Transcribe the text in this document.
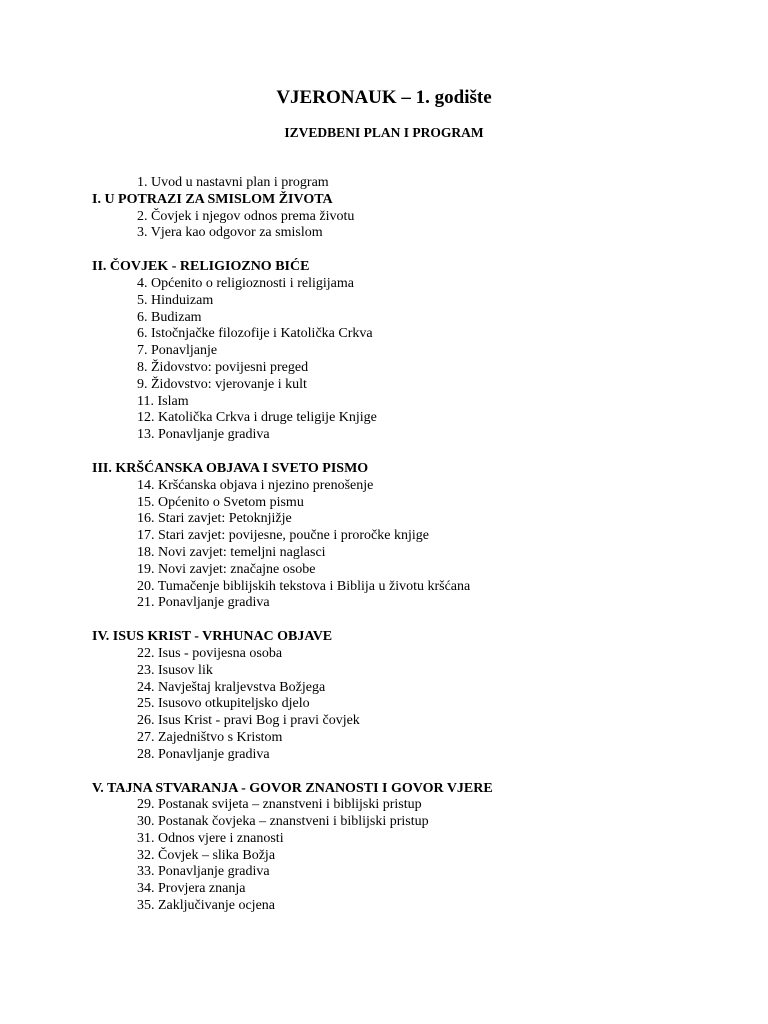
VJERONAUK – 1. godište
IZVEDBENI PLAN I PROGRAM
1. Uvod u nastavni plan i program
I. U POTRAZI ZA SMISLOM ŽIVOTA
2. Čovjek i njegov odnos prema životu
3. Vjera kao odgovor za smislom
II. ČOVJEK - RELIGIOZNO BIĆE
4. Općenito o religioznosti i religijama
5. Hinduizam
6. Budizam
6. Istočnjačke filozofije i Katolička Crkva
7. Ponavljanje
8. Židovstvo: povijesni preged
9. Židovstvo: vjerovanje i kult
11. Islam
12. Katolička Crkva i druge teligije Knjige
13. Ponavljanje gradiva
III. KRŠĆANSKA OBJAVA I SVETO PISMO
14. Kršćanska objava i njezino prenošenje
15. Općenito o Svetom pismu
16. Stari zavjet: Petoknjižje
17. Stari zavjet: povijesne, poučne i proročke knjige
18. Novi zavjet: temeljni naglasci
19. Novi zavjet: značajne osobe
20. Tumačenje biblijskih tekstova i Biblija u životu kršćana
21. Ponavljanje gradiva
IV. ISUS KRIST - VRHUNAC OBJAVE
22. Isus - povijesna osoba
23. Isusov lik
24. Navještaj kraljevstva Božjega
25. Isusovo otkupiteljsko djelo
26. Isus Krist - pravi Bog i pravi čovjek
27. Zajedništvo s Kristom
28. Ponavljanje gradiva
V. TAJNA STVARANJA - GOVOR ZNANOSTI I GOVOR VJERE
29. Postanak svijeta – znanstveni i biblijski pristup
30. Postanak čovjeka – znanstveni i biblijski pristup
31. Odnos vjere i znanosti
32. Čovjek – slika Božja
33. Ponavljanje gradiva
34. Provjera znanja
35. Zaključivanje ocjena
